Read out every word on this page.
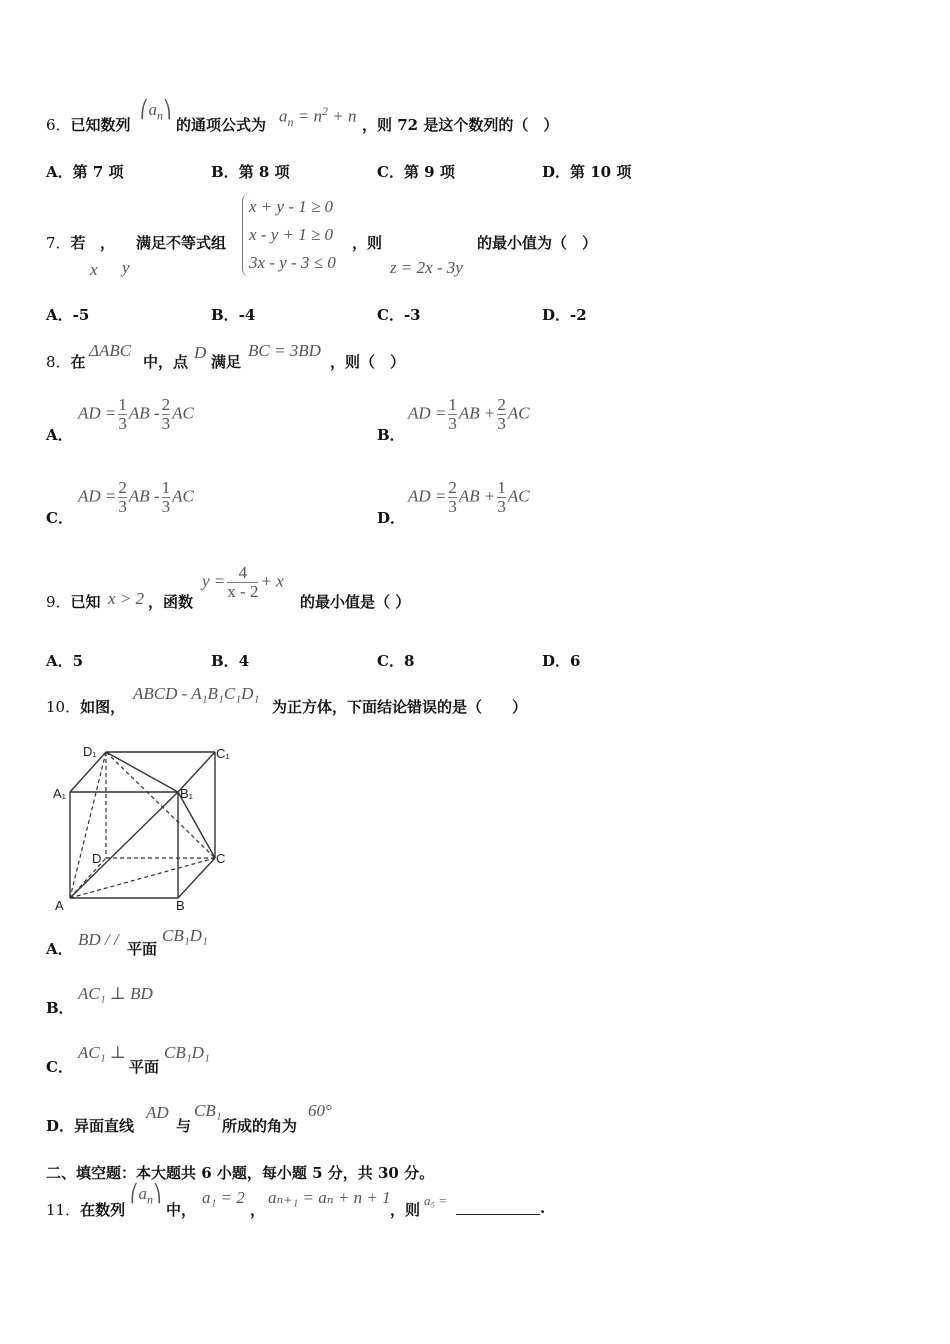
6．已知数列
$⎛a_n⎞$
的通项公式为 $a_n = n^2 + n$ ，则 72 是这个数列的（　）
A．第 7 项	B．第 8 项	C．第 9 项	D．第 10 项
7．若 ，
x y
满足不等式组
x + y - 1 ≥ 0
x - y + 1 ≥ 0
3x - y - 3 ≤ 0
，则
z = 2x - 3y
的最小值为（　）
A．-5	B．-4	C．-3	D．-2
8．在
ΔABC
中，点 D 满足
BC = 3BD
，则（　）
A．
AD = $\frac{1}{3}$ AB - $\frac{2}{3}$ AC
B．
AD = $\frac{1}{3}$ AB + $\frac{2}{3}$ AC
C．
AD = $\frac{2}{3}$ AB - $\frac{1}{3}$ AC
D．
AD = $\frac{2}{3}$ AB + $\frac{1}{3}$ AC
9．已知 x > 2 ，函数
$y = \frac{4}{x - 2} + x$
的最小值是（ ）
A．5	B．4	C．8	D．6
10．如图，
ABCD - A₁B₁C₁D₁
为正方体，下面结论错误的是（　　）
D₁	C₁
A₁	B₁
D	C
A	B
A． BD / / 平面
CB₁D₁
B．
AC₁ ⊥ BD
C．
AC₁ ⊥
平面
CB₁D₁
D． 异面直线
AD
与
CB₁
所成的角为
60°
二、填空题：本大题共 6 小题，每小题 5 分，共 30 分。
11．在数列
$⎛a_n⎞$
中，
a₁ = 2
，
aₙ₊₁ = aₙ + n + 1
，则
a₅ =	.
